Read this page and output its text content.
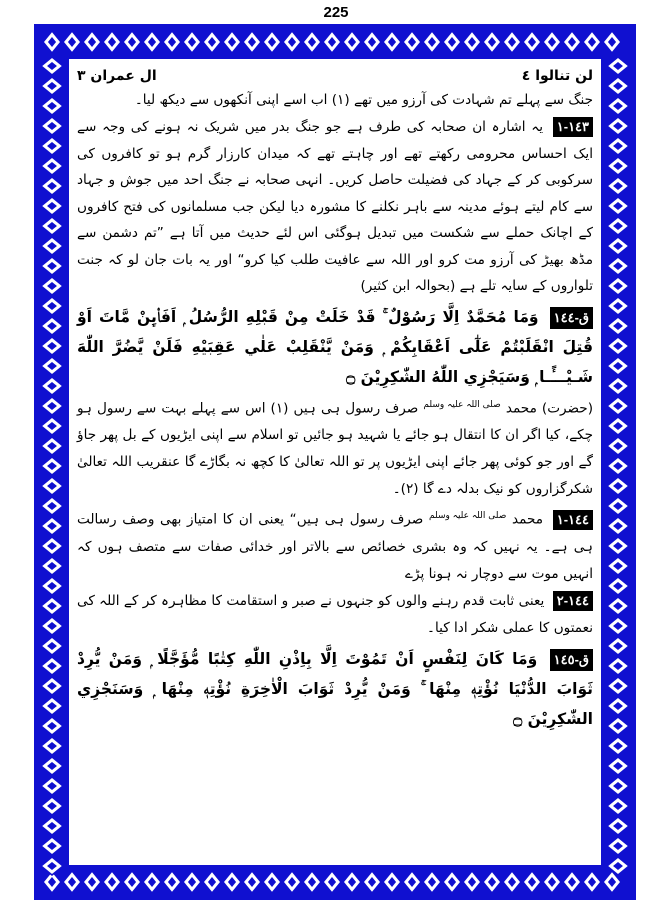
225
لن تنالوا ٤
ال عمران ٣

جنگ سے پہلے تم شہادت کی آرزو میں تھے (١) اب اسے اپنی آنکھوں سے دیکھ لیا۔

١٤٣-١ یہ اشارہ ان صحابہ کی طرف ہے جو جنگ بدر میں شریک نہ ہونے کی وجہ سے ایک احساس محرومی رکھتے تھے اور چاہتے تھے کہ میدان کارزار گرم ہو تو کافروں کی سرکوبی کر کے جہاد کی فضیلت حاصل کریں۔ انہی صحابہ نے جنگ احد میں جوش و جہاد سے کام لیتے ہوئے مدینہ سے باہر نکلنے کا مشورہ دیا لیکن جب مسلمانوں کی فتح کافروں کے اچانک حملے سے شکست میں تبدیل ہوگئی اس لئے حدیث میں آتا ہے ”تم دشمن سے مڈھ بھیڑ کی آرزو مت کرو اور اللہ سے عافیت طلب کیا کرو“ اور یہ بات جان لو کہ جنت تلواروں کے سایہ تلے ہے (بحوالہ ابن کثیر)

ق-١٤٤ وَمَا مُحَمَّدٌ اِلَّا رَسُوْلٌ ۚ قَدْ خَلَتْ مِنْ قَبْلِهِ الرُّسُلُ ۭ اَفَا۟ىِٕنْ مَّاتَ اَوْ قُتِلَ انْقَلَبْتُمْ عَلٰٓى اَعْقَابِكُمْ ۭ وَمَنْ يَّنْقَلِبْ عَلٰي عَقِبَيْهِ فَلَنْ يَّضُرَّ اللّٰهَ شَـيْـــًٔـا ۭ وَسَيَجْزِي اللّٰهُ الشّٰكِرِيْنَ ۝

(حضرت) محمد صلی اللہ علیہ وسلم صرف رسول ہی ہیں (١) اس سے پہلے بہت سے رسول ہو چکے، کیا اگر ان کا انتقال ہو جائے یا شہید ہو جائیں تو اسلام سے اپنی ایڑیوں کے بل پھر جاؤ گے اور جو کوئی پھر جائے اپنی ایڑیوں پر تو اللہ تعالیٰ کا کچھ نہ بگاڑے گا عنقریب اللہ تعالیٰ شکرگزاروں کو نیک بدلہ دے گا (٢)۔

١٤٤-١ محمد صلی اللہ علیہ وسلم صرف رسول ہی ہیں“ یعنی ان کا امتیاز بھی وصف رسالت ہی ہے۔ یہ نہیں کہ وہ بشری خصائص سے بالاتر اور خدائی صفات سے متصف ہوں کہ انہیں موت سے دوچار نہ ہونا پڑے

١٤٤-٢ یعنی ثابت قدم رہنے والوں کو جنہوں نے صبر و استقامت کا مظاہرہ کر کے اللہ کی نعمتوں کا عملی شکر ادا کیا۔

ق-١٤٥ وَمَا كَانَ لِنَفْسٍ اَنْ تَمُوْتَ اِلَّا بِاِذْنِ اللّٰهِ كِتٰبًا مُّؤَجَّلًا ۭ وَمَنْ يُّرِدْ ثَوَابَ الدُّنْيَا نُؤْتِهٖ مِنْهَا ۚ وَمَنْ يُّرِدْ ثَوَابَ الْاٰخِرَةِ نُؤْتِهٖ مِنْهَا ۭ وَسَنَجْزِي الشّٰكِرِيْنَ ۝
